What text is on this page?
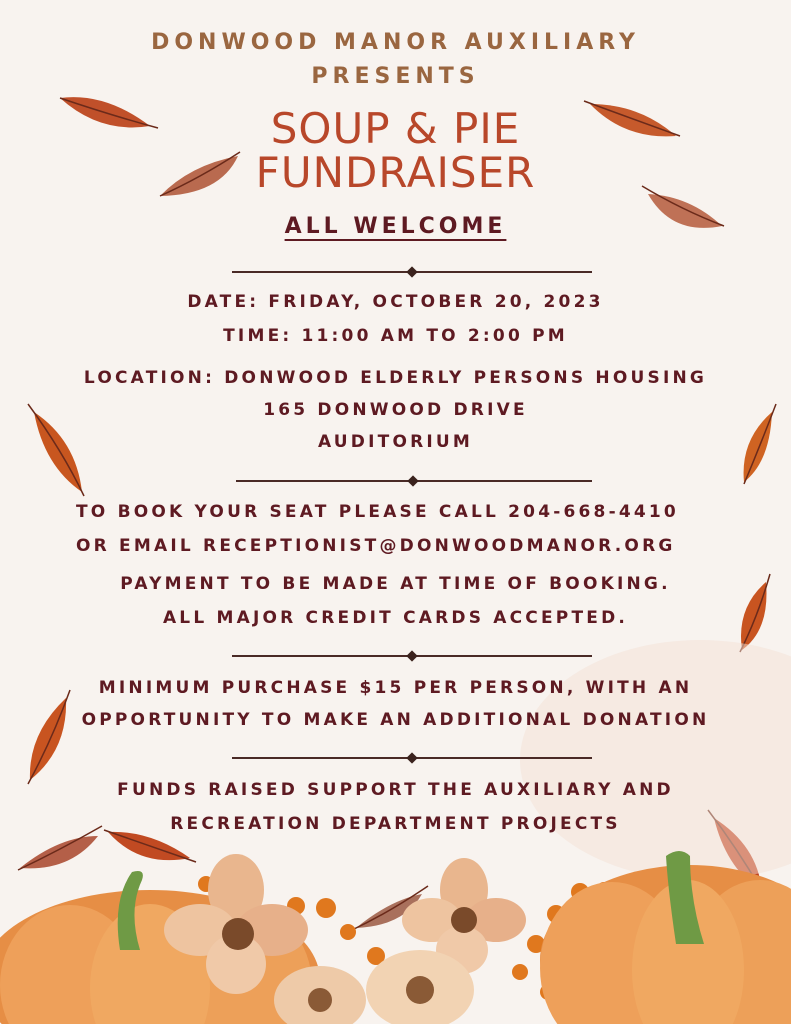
DONWOOD MANOR AUXILIARY
PRESENTS
SOUP & PIE
FUNDRAISER
ALL WELCOME
DATE: FRIDAY, OCTOBER 20, 2023
TIME: 11:00 AM TO 2:00 PM
LOCATION: DONWOOD ELDERLY PERSONS HOUSING
165 DONWOOD DRIVE
AUDITORIUM
TO BOOK YOUR SEAT PLEASE CALL 204-668-4410
OR EMAIL RECEPTIONIST@DONWOODMANOR.ORG
PAYMENT TO BE MADE AT TIME OF BOOKING.
ALL MAJOR CREDIT CARDS ACCEPTED.
MINIMUM PURCHASE $15 PER PERSON, WITH AN
OPPORTUNITY TO MAKE AN ADDITIONAL DONATION
FUNDS RAISED SUPPORT THE AUXILIARY AND
RECREATION DEPARTMENT PROJECTS
